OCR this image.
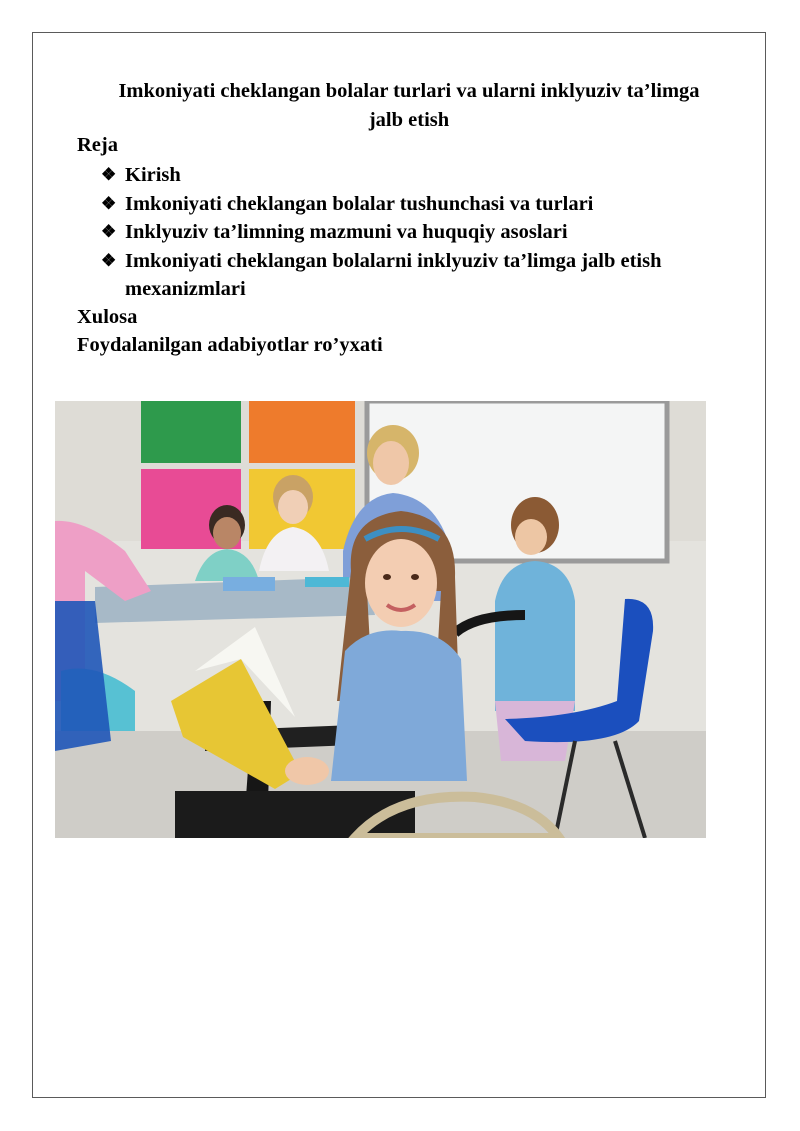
Imkoniyati cheklangan bolalar turlari va ularni inklyuziv ta’limga jalb etish
Reja
❖ Kirish
❖ Imkoniyati cheklangan bolalar tushunchasi va turlari
❖ Inklyuziv ta’limning mazmuni va huquqiy asoslari
❖ Imkoniyati cheklangan bolalarni inklyuziv ta’limga jalb etish mexanizmlari
Xulosa
Foydalanilgan adabiyotlar ro’yxati
